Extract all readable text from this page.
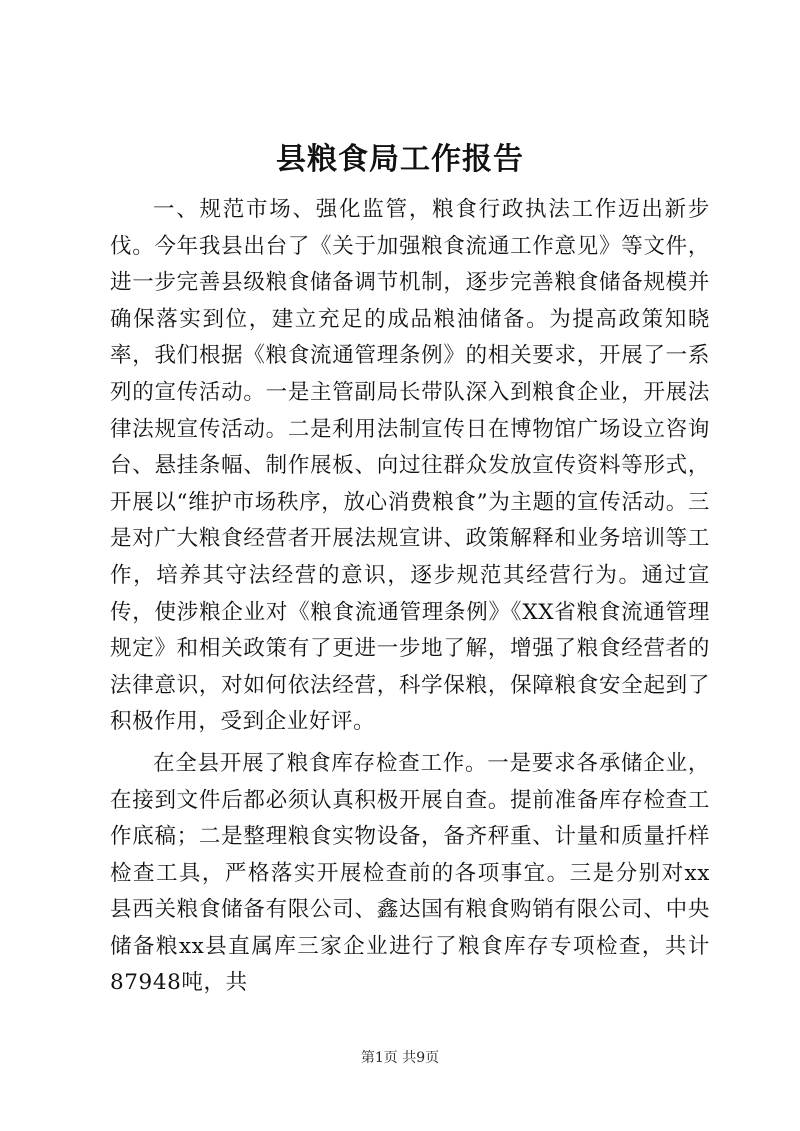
县粮食局工作报告

一、规范市场、强化监管，粮食行政执法工作迈出新步伐。今年我县出台了《关于加强粮食流通工作意见》等文件，进一步完善县级粮食储备调节机制，逐步完善粮食储备规模并确保落实到位，建立充足的成品粮油储备。为提高政策知晓率，我们根据《粮食流通管理条例》的相关要求，开展了一系列的宣传活动。一是主管副局长带队深入到粮食企业，开展法律法规宣传活动。二是利用法制宣传日在博物馆广场设立咨询台、悬挂条幅、制作展板、向过往群众发放宣传资料等形式，开展以“维护市场秩序，放心消费粮食”为主题的宣传活动。三是对广大粮食经营者开展法规宣讲、政策解释和业务培训等工作，培养其守法经营的意识，逐步规范其经营行为。通过宣传，使涉粮企业对《粮食流通管理条例》《XX省粮食流通管理规定》和相关政策有了更进一步地了解，增强了粮食经营者的法律意识，对如何依法经营，科学保粮，保障粮食安全起到了积极作用，受到企业好评。

在全县开展了粮食库存检查工作。一是要求各承储企业，在接到文件后都必须认真积极开展自查。提前准备库存检查工作底稿；二是整理粮食实物设备，备齐秤重、计量和质量扦样检查工具，严格落实开展检查前的各项事宜。三是分别对xx县西关粮食储备有限公司、鑫达国有粮食购销有限公司、中央储备粮xx县直属库三家企业进行了粮食库存专项检查，共计87948吨，共

第1页 共9页
